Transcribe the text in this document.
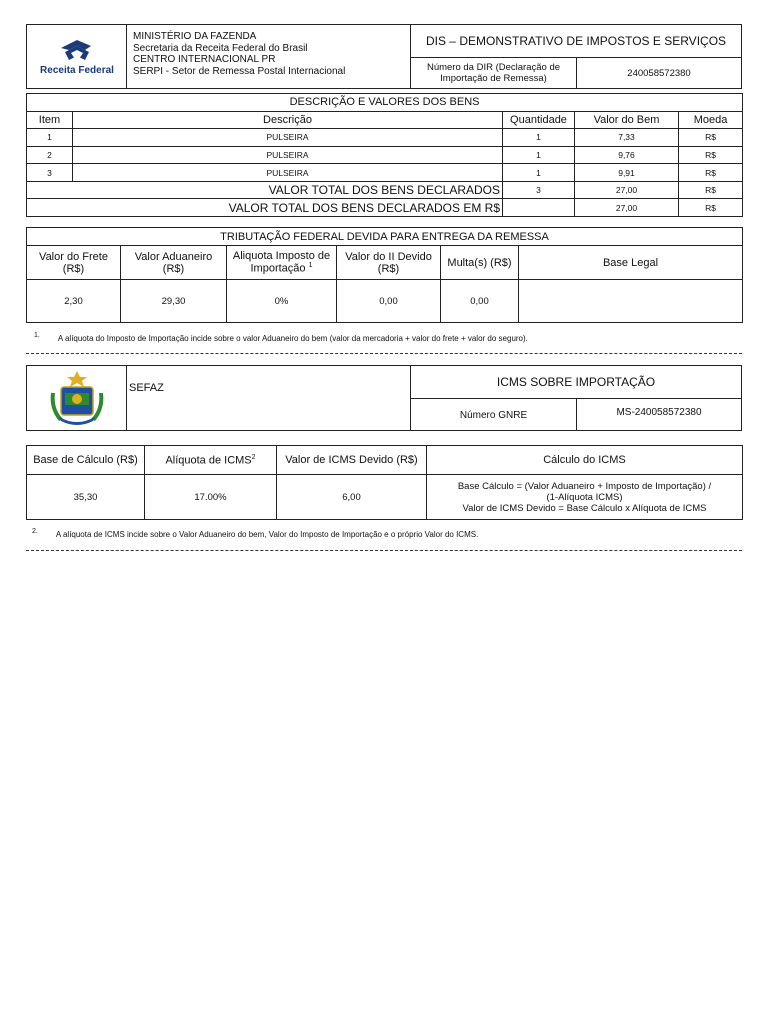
Receita Federal
MINISTÉRIO DA FAZENDA
Secretaria da Receita Federal do Brasil
CENTRO INTERNACIONAL PR
SERPI - Setor de Remessa Postal Internacional
DIS – DEMONSTRATIVO DE IMPOSTOS E SERVIÇOS
Número da DIR (Declaração de Importação de Remessa)	240058572380
DESCRIÇÃO E VALORES DOS BENS				
Item	Descrição	Quantidade	Valor do Bem	Moeda
1	PULSEIRA	1	7,33	R$
2	PULSEIRA	1	9,76	R$
3	PULSEIRA	1	9,91	R$
VALOR TOTAL DOS BENS DECLARADOS		3	27,00	R$
VALOR TOTAL DOS BENS DECLARADOS EM R$			27,00	R$
TRIBUTAÇÃO FEDERAL DEVIDA PARA ENTREGA DA REMESSA					
Valor do Frete (R$)	Valor Aduaneiro (R$)	Aliquota Imposto de Importação $^1$	Valor do II Devido (R$)	Multa(s) (R$)	Base Legal
2,30	29,30	0%	0,00	0,00	
$^{1.}$ A alíquota do Imposto de Importação incide sobre o valor Aduaneiro do bem (valor da mercadoria + valor do frete + valor do seguro).
SEFAZ	ICMS SOBRE IMPORTAÇÃO
Número GNRE	MS-240058572380
Base de Cálculo (R$)	Alíquota de ICMS$^2$	Valor de ICMS Devido (R$)	Cálculo do ICMS
35,30	17.00%	6,00	Base Cálculo = (Valor Aduaneiro + Imposto de Importação) /
(1-Alíquota ICMS)
Valor de ICMS Devido = Base Cálculo x Alíquota de ICMS
$^{2.}$ A alíquota de ICMS incide sobre o Valor Aduaneiro do bem, Valor do Imposto de Importação e o próprio Valor do ICMS.
